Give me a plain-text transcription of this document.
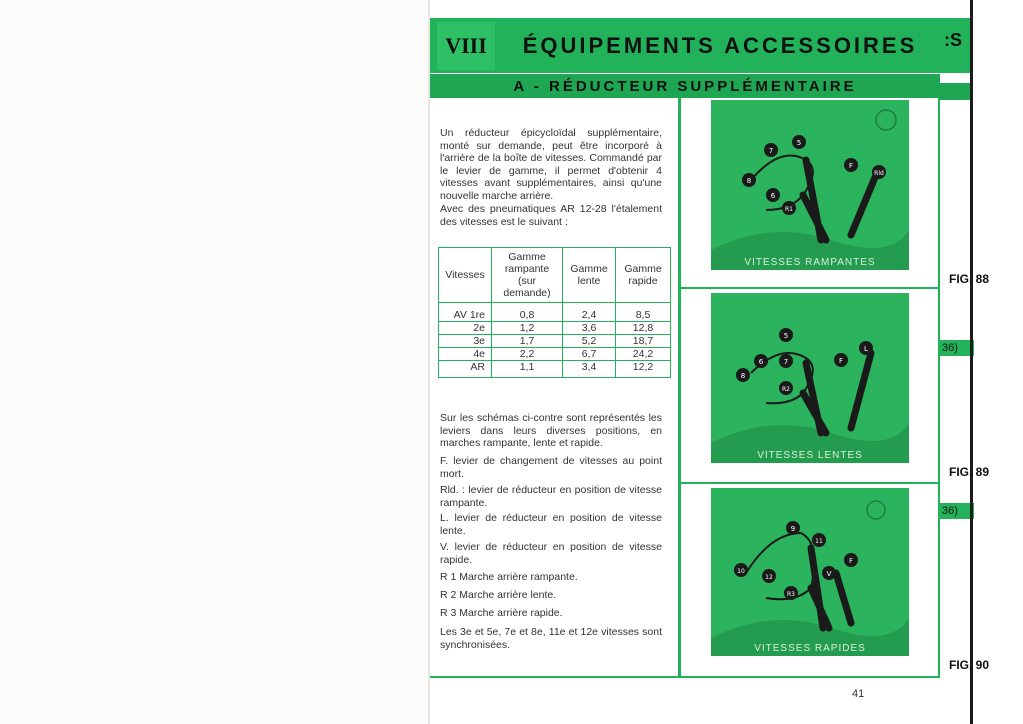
VIII	ÉQUIPEMENTS ACCESSOIRES
A - RÉDUCTEUR SUPPLÉMENTAIRE
:S
36)
36)

Un réducteur épicycloïdal supplémentaire, monté sur demande, peut être incorporé à l'arrière de la boîte de vitesses. Commandé par le levier de gamme, il permet d'obtenir 4 vitesses avant supplémentaires, ainsi qu'une nouvelle marche arrière.

Avec des pneumatiques AR 12-28 l'étalement des vitesses est le suivant :

Vitesses	Gamme rampante (sur demande)	Gamme lente	Gamme rapide
AV 1re	0,8	2,4	8,5
2e	1,2	3,6	12,8
3e	1,7	5,2	18,7
4e	2,2	6,7	24,2
AR	1,1	3,4	12,2

Sur les schémas ci-contre sont représentés les leviers dans leurs diverses positions, en marches rampante, lente et rapide.

F. levier de changement de vitesses au point mort.

Rld. : levier de réducteur en position de vitesse rampante.

L. levier de réducteur en position de vitesse lente.

V. levier de réducteur en position de vitesse rapide.

R 1 Marche arrière rampante.

R 2 Marche arrière lente.

R 3 Marche arrière rapide.

Les 3e et 5e, 7e et 8e, 11e et 12e vitesses sont synchronisées.

7
5
8
6
R1
F
Rld
VITESSES RAMPANTES
FIG. 88
5
6	7
8
R2
F
L
VITESSES LENTES
FIG. 89
9
10
11
12
R3
F
V
VITESSES RAPIDES
FIG. 90
41
